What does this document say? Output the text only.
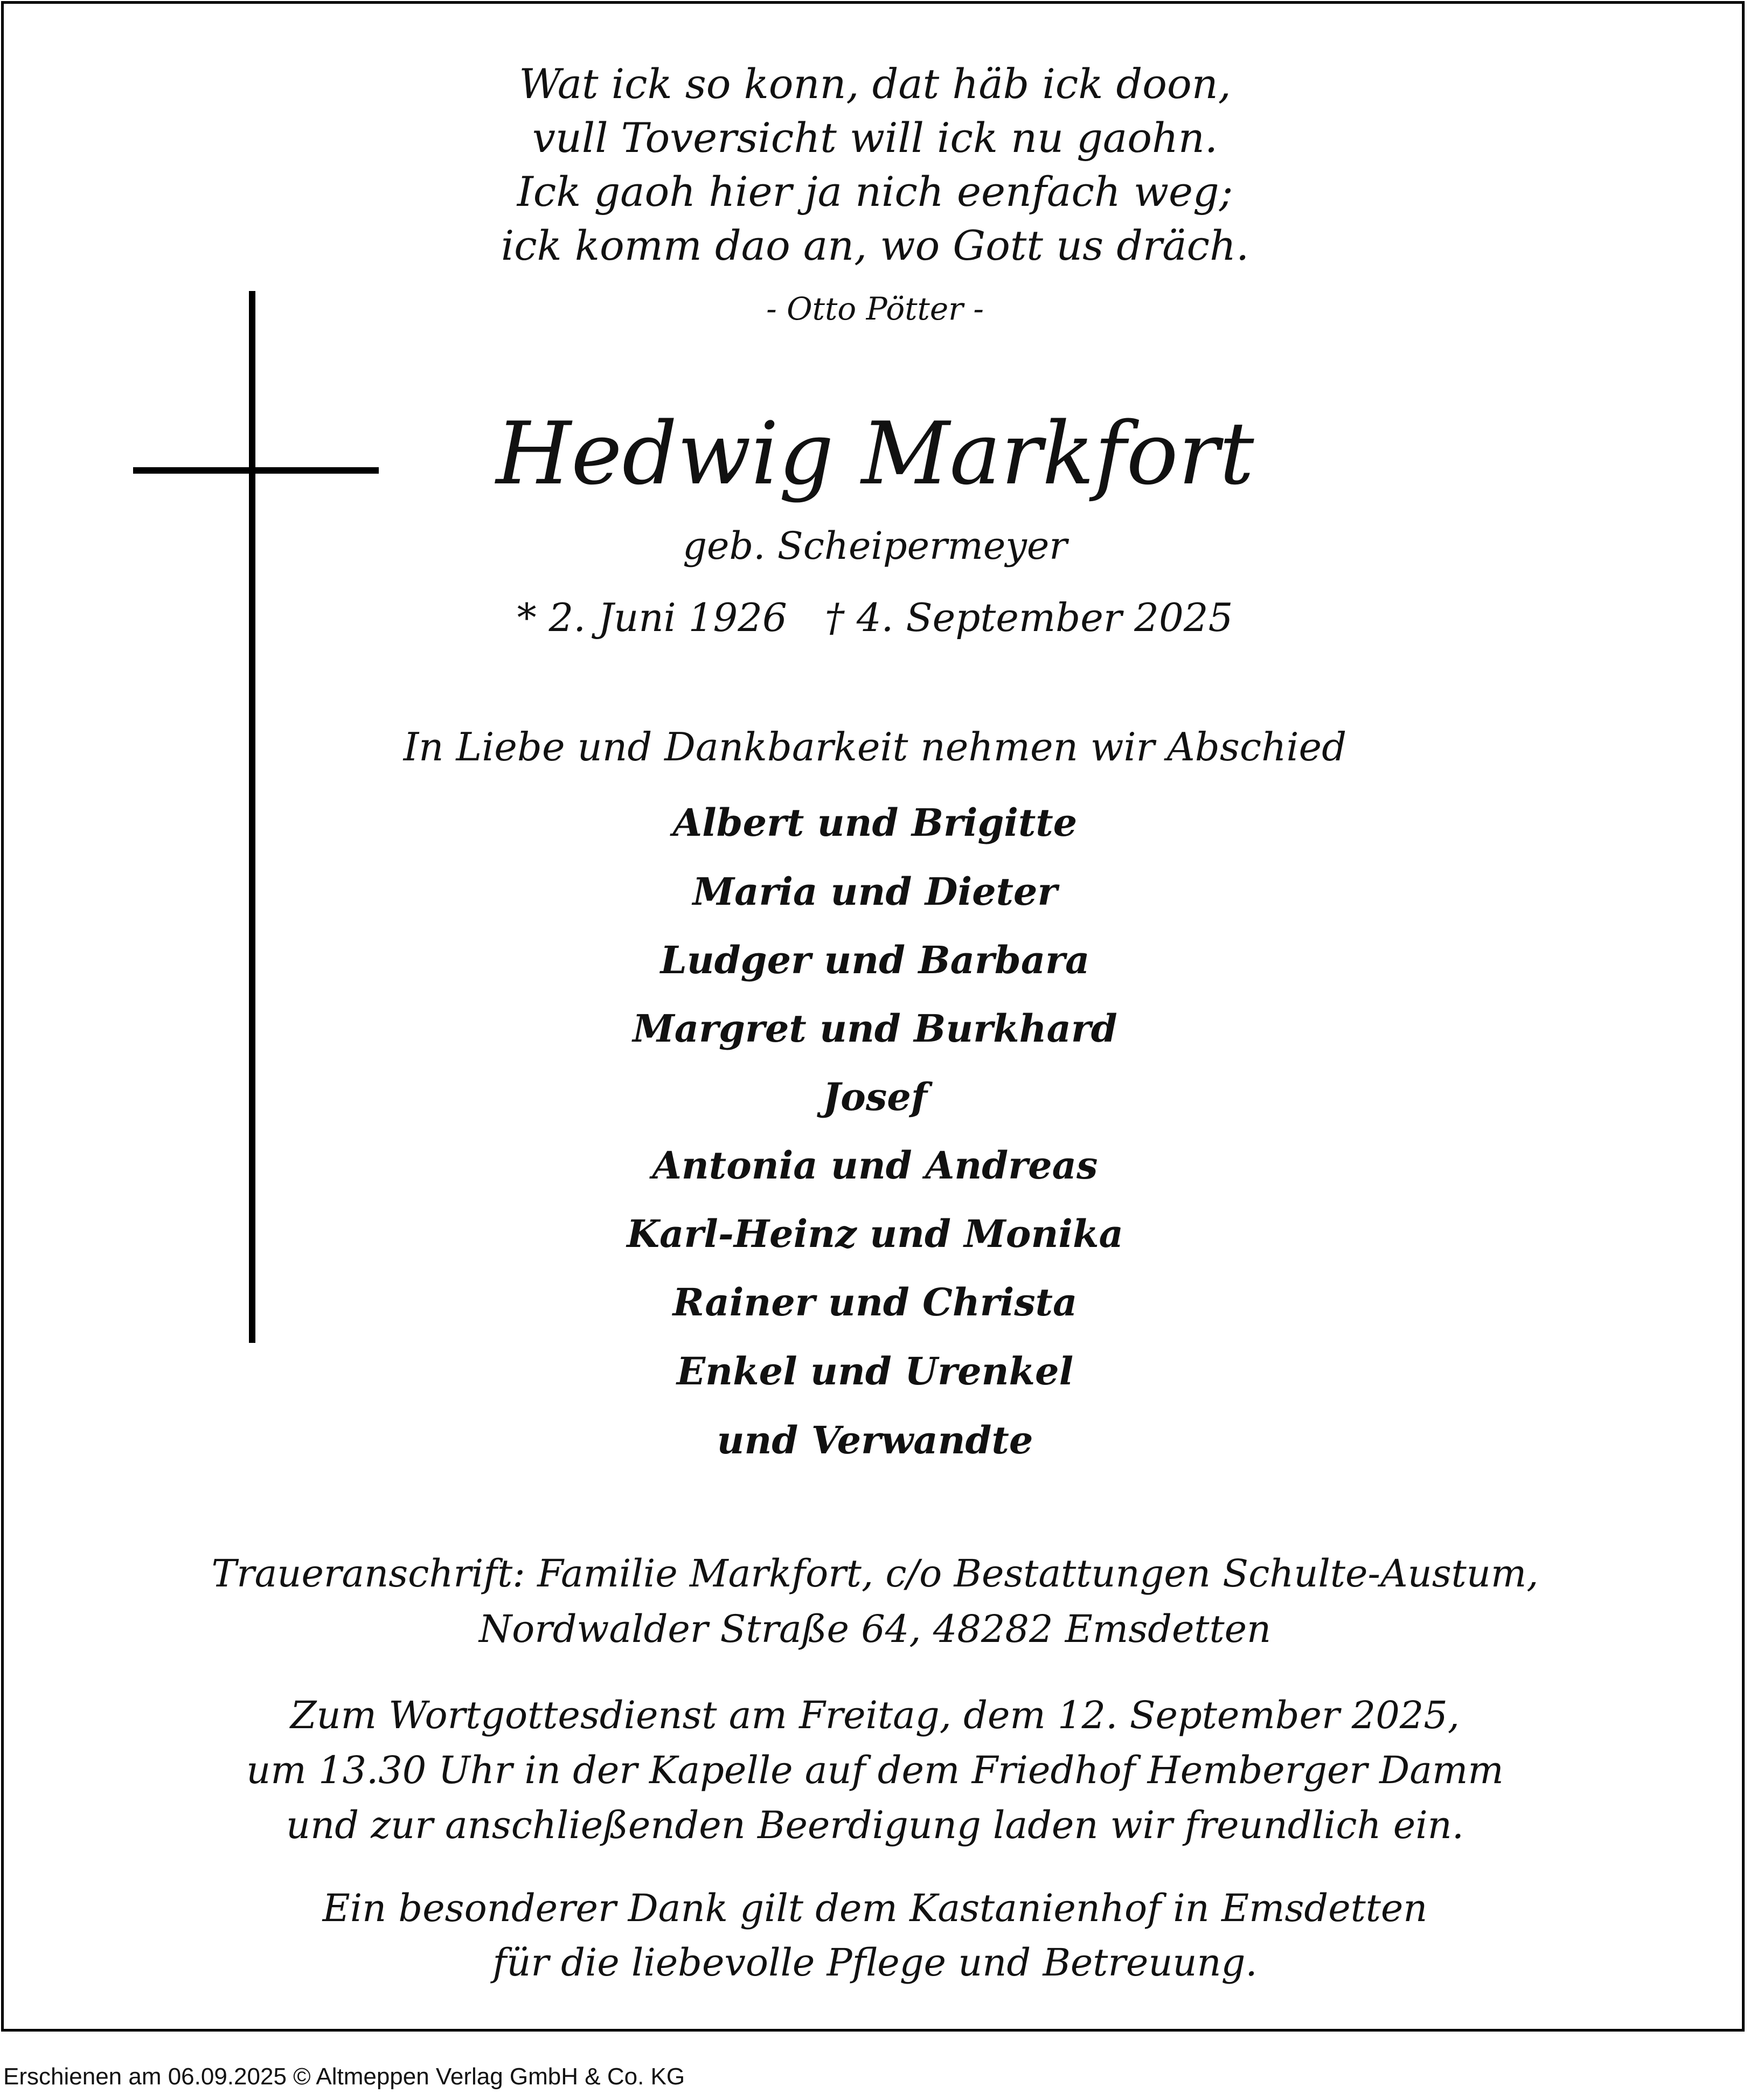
Wat ick so konn, dat häb ick doon,
vull Toversicht will ick nu gaohn.
Ick gaoh hier ja nich eenfach weg;
ick komm dao an, wo Gott us dräch.
- Otto Pötter -
Hedwig Markfort
geb. Scheipermeyer
* 2. Juni 1926 † 4. September 2025
In Liebe und Dankbarkeit nehmen wir Abschied
Albert und Brigitte
Maria und Dieter
Ludger und Barbara
Margret und Burkhard
Josef
Antonia und Andreas
Karl-Heinz und Monika
Rainer und Christa
Enkel und Urenkel
und Verwandte
Traueranschrift: Familie Markfort, c/o Bestattungen Schulte-Austum,
Nordwalder Straße 64, 48282 Emsdetten
Zum Wortgottesdienst am Freitag, dem 12. September 2025,
um 13.30 Uhr in der Kapelle auf dem Friedhof Hemberger Damm
und zur anschließenden Beerdigung laden wir freundlich ein.
Ein besonderer Dank gilt dem Kastanienhof in Emsdetten
für die liebevolle Pflege und Betreuung.
Erschienen am 06.09.2025 © Altmeppen Verlag GmbH & Co. KG
